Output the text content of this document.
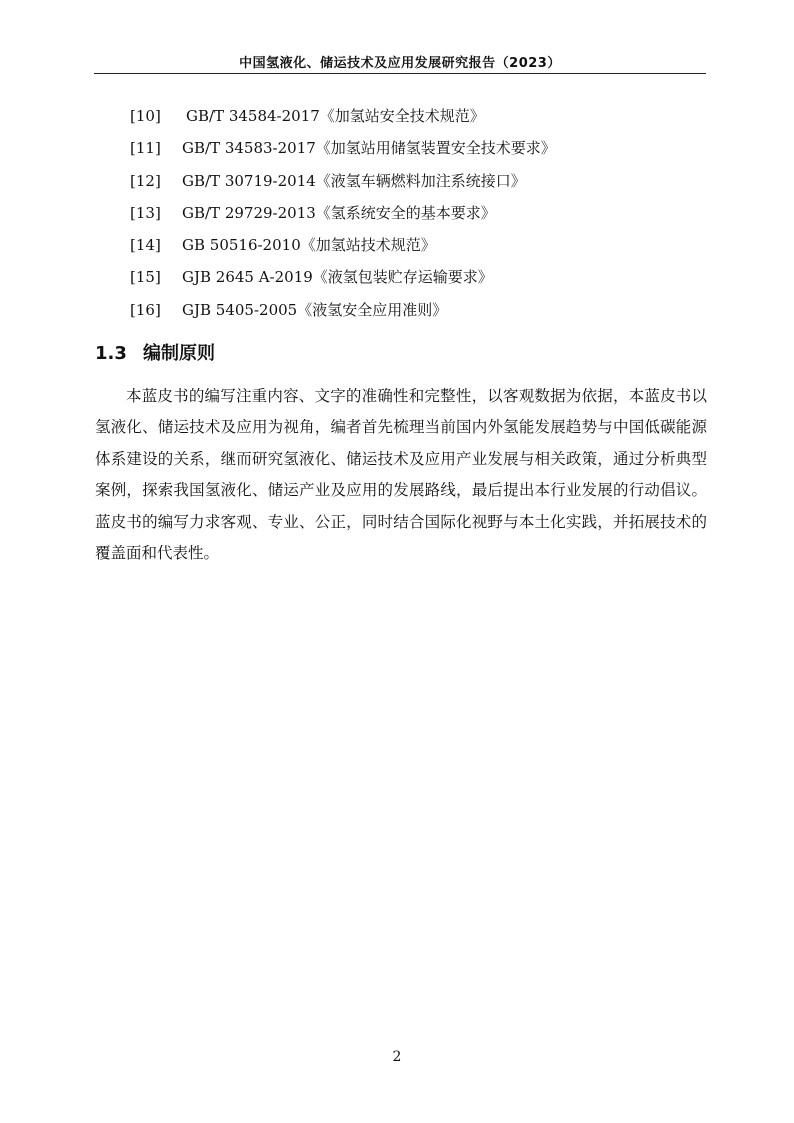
中国氢液化、储运技术及应用发展研究报告（2023）
[10] GB/T 34584-2017《加氢站安全技术规范》
[11] GB/T 34583-2017《加氢站用储氢装置安全技术要求》
[12] GB/T 30719-2014《液氢车辆燃料加注系统接口》
[13] GB/T 29729-2013《氢系统安全的基本要求》
[14] GB 50516-2010《加氢站技术规范》
[15] GJB 2645 A-2019《液氢包装贮存运输要求》
[16] GJB 5405-2005《液氢安全应用准则》
1.3 编制原则

本蓝皮书的编写注重内容、文字的准确性和完整性，以客观数据为依据，本蓝皮书以氢液化、储运技术及应用为视角，编者首先梳理当前国内外氢能发展趋势与中国低碳能源体系建设的关系，继而研究氢液化、储运技术及应用产业发展与相关政策，通过分析典型案例，探索我国氢液化、储运产业及应用的发展路线，最后提出本行业发展的行动倡议。蓝皮书的编写力求客观、专业、公正，同时结合国际化视野与本土化实践，并拓展技术的覆盖面和代表性。

2
